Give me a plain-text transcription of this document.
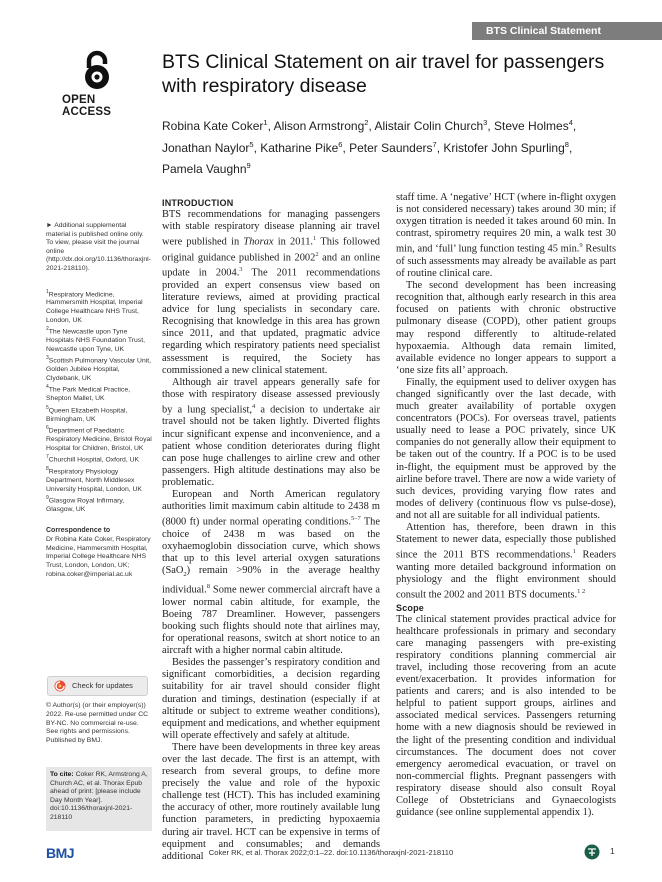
BTS Clinical Statement
OPEN ACCESS
BTS Clinical Statement on air travel for passengers with respiratory disease
Robina Kate Coker$^1$, Alison Armstrong$^2$, Alistair Colin Church$^3$, Steve Holmes$^4$, Jonathan Naylor$^5$, Katharine Pike$^6$, Peter Saunders$^7$, Kristofer John Spurling$^8$, Pamela Vaughn$^9$

► Additional supplemental material is published online only. To view, please visit the journal online (http://dx.doi.org/10.1136/thoraxjnl-2021-218110).

$^1$Respiratory Medicine, Hammersmith Hospital, Imperial College Healthcare NHS Trust, London, UK
$^2$The Newcastle upon Tyne Hospitals NHS Foundation Trust, Newcastle upon Tyne, UK
$^3$Scottish Pulmonary Vascular Unit, Golden Jubilee Hospital, Clydebank, UK
$^4$The Park Medical Practice, Shepton Mallet, UK
$^5$Queen Elizabeth Hospital, Birmingham, UK
$^6$Department of Paediatric Respiratory Medicine, Bristol Royal Hospital for Children, Bristol, UK
$^7$Churchill Hospital, Oxford, UK
$^8$Respiratory Physiology Department, North Middlesex University Hospital, London, UK
$^9$Glasgow Royal Infirmary, Glasgow, UK
Correspondence to
Dr Robina Kate Coker, Respiratory Medicine, Hammersmith Hospital, Imperial College Healthcare NHS Trust, London, London, UK; robina.coker@imperial.ac.uk
Check for updates
© Author(s) (or their employer(s)) 2022. Re-use permitted under CC BY-NC. No commercial re-use. See rights and permissions. Published by BMJ.
To cite: Coker RK, Armstrong A, Church AC, et al. Thorax Epub ahead of print: [please include Day Month Year]. doi:10.1136/thoraxjnl-2021-218110

INTRODUCTION

BTS recommendations for managing passengers with stable respiratory disease planning air travel were published in Thorax in 2011.$^1$ This followed original guidance published in 2002$^2$ and an online update in 2004.$^3$ The 2011 recommendations provided an expert consensus view based on literature reviews, aimed at providing practical advice for lung specialists in secondary care. Recognising that knowledge in this area has grown since 2011, and that updated, pragmatic advice regarding which respiratory patients need specialist assessment is required, the Society has commissioned a new clinical statement.

Although air travel appears generally safe for those with respiratory disease assessed previously by a lung specialist,$^4$ a decision to undertake air travel should not be taken lightly. Diverted flights incur significant expense and inconvenience, and a patient whose condition deteriorates during flight can pose huge challenges to airline crew and other passengers. High altitude destinations may also be problematic.

European and North American regulatory authorities limit maximum cabin altitude to 2438 m (8000 ft) under normal operating conditions.$^{5-7}$ The choice of 2438 m was based on the oxyhaemoglobin dissociation curve, which shows that up to this level arterial oxygen saturations (SaO$_2$) remain >90% in the average healthy individual.$^8$ Some newer commercial aircraft have a lower normal cabin altitude, for example, the Boeing 787 Dreamliner. However, passengers booking such flights should note that airlines may, for operational reasons, switch at short notice to an aircraft with a higher normal cabin altitude.

Besides the passenger’s respiratory condition and significant comorbidities, a decision regarding suitability for air travel should consider flight duration and timings, destination (especially if at altitude or subject to extreme weather conditions), equipment and medications, and whether equipment will operate effectively and safely at altitude.

There have been developments in three key areas over the last decade. The first is an attempt, with research from several groups, to define more precisely the value and role of the hypoxic challenge test (HCT). This has included examining the accuracy of other, more routinely available lung function parameters, in predicting hypoxaemia during air travel. HCT can be expensive in terms of equipment and consumables; and demands additional

staff time. A ‘negative’ HCT (where in-flight oxygen is not considered necessary) takes around 30 min; if oxygen titration is needed it takes around 60 min. In contrast, spirometry requires 20 min, a walk test 30 min, and ‘full’ lung function testing 45 min.$^9$ Results of such assessments may already be available as part of routine clinical care.

The second development has been increasing recognition that, although early research in this area focused on patients with chronic obstructive pulmonary disease (COPD), other patient groups may respond differently to altitude-related hypoxaemia. Although data remain limited, available evidence no longer appears to support a ‘one size fits all’ approach.

Finally, the equipment used to deliver oxygen has changed significantly over the last decade, with much greater availability of portable oxygen concentrators (POCs). For overseas travel, patients usually need to lease a POC privately, since UK companies do not generally allow their equipment to be taken out of the country. If a POC is to be used in-flight, the equipment must be approved by the airline before travel. There are now a wide variety of such devices, providing varying flow rates and modes of delivery (continuous flow vs pulse-dose), and not all are suitable for all individual patients.

Attention has, therefore, been drawn in this Statement to newer data, especially those published since the 2011 BTS recommendations.$^1$ Readers wanting more detailed background information on physiology and the flight environment should consult the 2002 and 2011 BTS documents.$^{1 2}$

Scope

The clinical statement provides practical advice for healthcare professionals in primary and secondary care managing passengers with pre-existing respiratory conditions planning commercial air travel, including those recovering from an acute event/exacerbation. It provides information for patients and carers; and is also intended to be helpful to patient support groups, airlines and associated medical services. Passengers returning home with a new diagnosis should be reviewed in the light of the presenting condition and individual circumstances. The document does not cover emergency aeromedical evacuation, or travel on non-commercial flights. Pregnant passengers with respiratory disease should also consult Royal College of Obstetricians and Gynaecologists guidance (see online supplemental appendix 1).

BMJ	Coker RK, et al. Thorax 2022;0:1–22. doi:10.1136/thoraxjnl-2021-218110	1
